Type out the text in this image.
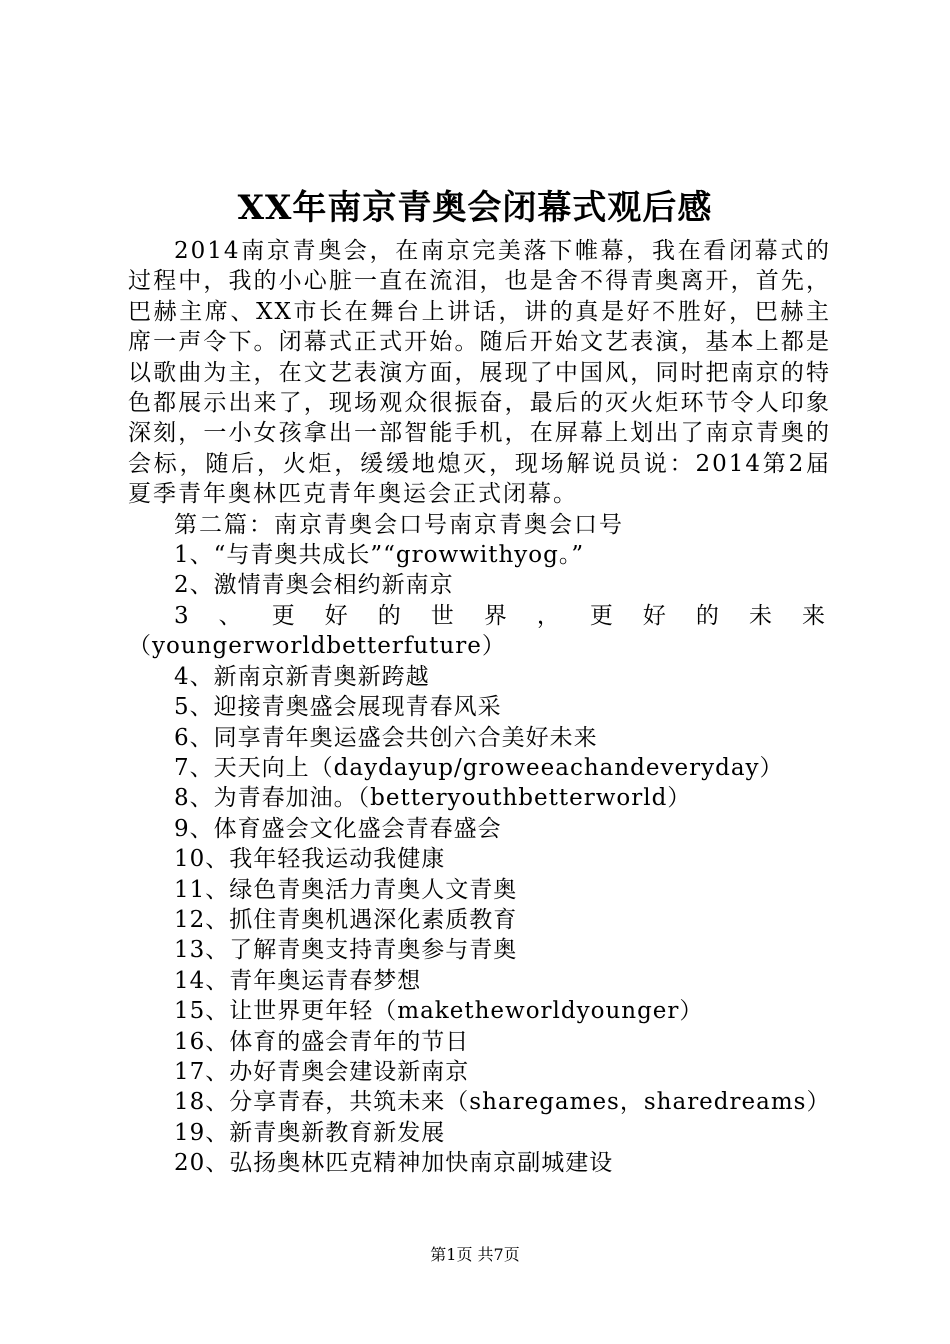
XX年南京青奥会闭幕式观后感

2014南京青奥会，在南京完美落下帷幕，我在看闭幕式的过程中，我的小心脏一直在流泪，也是舍不得青奥离开，首先，巴赫主席、XX市长在舞台上讲话，讲的真是好不胜好，巴赫主席一声令下。闭幕式正式开始。随后开始文艺表演，基本上都是以歌曲为主，在文艺表演方面，展现了中国风，同时把南京的特色都展示出来了，现场观众很振奋，最后的灭火炬环节令人印象深刻，一小女孩拿出一部智能手机，在屏幕上划出了南京青奥的会标，随后，火炬，缓缓地熄灭，现场解说员说：2014第2届夏季青年奥林匹克青年奥运会正式闭幕。

第二篇：南京青奥会口号南京青奥会口号

1、“与青奥共成长”“growwithyog。”
2、激情青奥会相约新南京
3、更好的世界，更好的未来
（youngerworldbetterfuture）
4、新南京新青奥新跨越
5、迎接青奥盛会展现青春风采
6、同享青年奥运盛会共创六合美好未来
7、天天向上（daydayup/groweeachandeveryday）
8、为青春加油。（betteryouthbetterworld）
9、体育盛会文化盛会青春盛会
10、我年轻我运动我健康
11、绿色青奥活力青奥人文青奥
12、抓住青奥机遇深化素质教育
13、了解青奥支持青奥参与青奥
14、青年奥运青春梦想
15、让世界更年轻（maketheworldyounger）
16、体育的盛会青年的节日
17、办好青奥会建设新南京
18、分享青春，共筑未来（sharegames，sharedreams）
19、新青奥新教育新发展
20、弘扬奥林匹克精神加快南京副城建设
第1页 共7页
